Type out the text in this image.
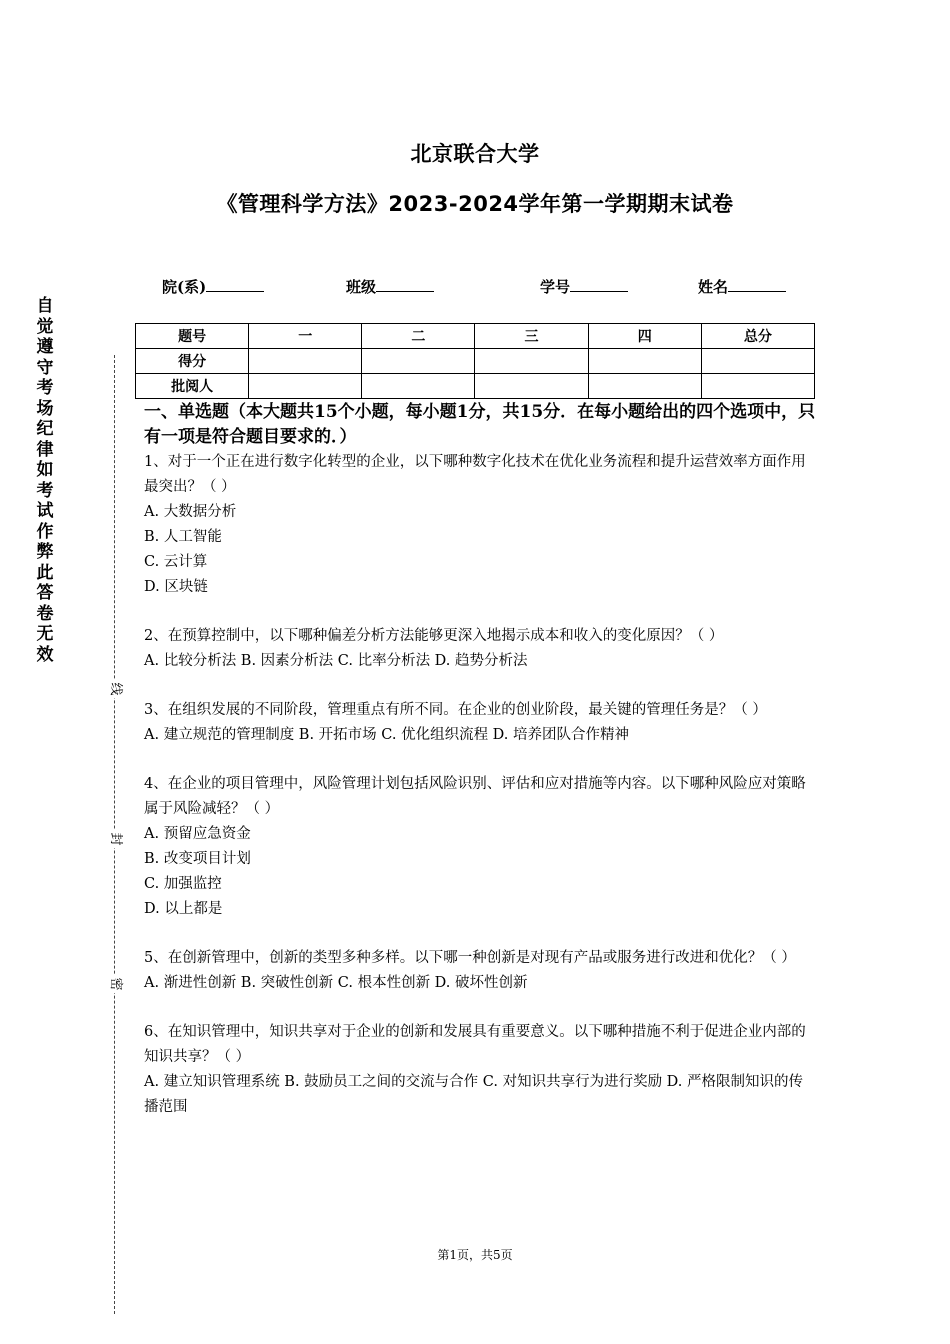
北京联合大学
《管理科学方法》2023-2024学年第一学期期末试卷
院(系)	班级	学号	姓名
自觉遵守考场纪律如考试作弊此答卷无效
线
封
密
题号	一	二	三	四	总分
得分					
批阅人					

一、单选题（本大题共15个小题，每小题1分，共15分．在每小题给出的四个选项中，只有一项是符合题目要求的．）

1、对于一个正在进行数字化转型的企业，以下哪种数字化技术在优化业务流程和提升运营效率方面作用最突出？（ ）

A. 大数据分析

B. 人工智能

C. 云计算

D. 区块链

2、在预算控制中，以下哪种偏差分析方法能够更深入地揭示成本和收入的变化原因？（ ）

A. 比较分析法 B. 因素分析法 C. 比率分析法 D. 趋势分析法

3、在组织发展的不同阶段，管理重点有所不同。在企业的创业阶段，最关键的管理任务是？（ ）

A. 建立规范的管理制度 B. 开拓市场 C. 优化组织流程 D. 培养团队合作精神

4、在企业的项目管理中，风险管理计划包括风险识别、评估和应对措施等内容。以下哪种风险应对策略属于风险减轻？（ ）

A. 预留应急资金

B. 改变项目计划

C. 加强监控

D. 以上都是

5、在创新管理中，创新的类型多种多样。以下哪一种创新是对现有产品或服务进行改进和优化？（ ）

A. 渐进性创新 B. 突破性创新 C. 根本性创新 D. 破坏性创新

6、在知识管理中，知识共享对于企业的创新和发展具有重要意义。以下哪种措施不利于促进企业内部的知识共享？（ ）

A. 建立知识管理系统 B. 鼓励员工之间的交流与合作 C. 对知识共享行为进行奖励 D. 严格限制知识的传播范围

第1页，共5页
